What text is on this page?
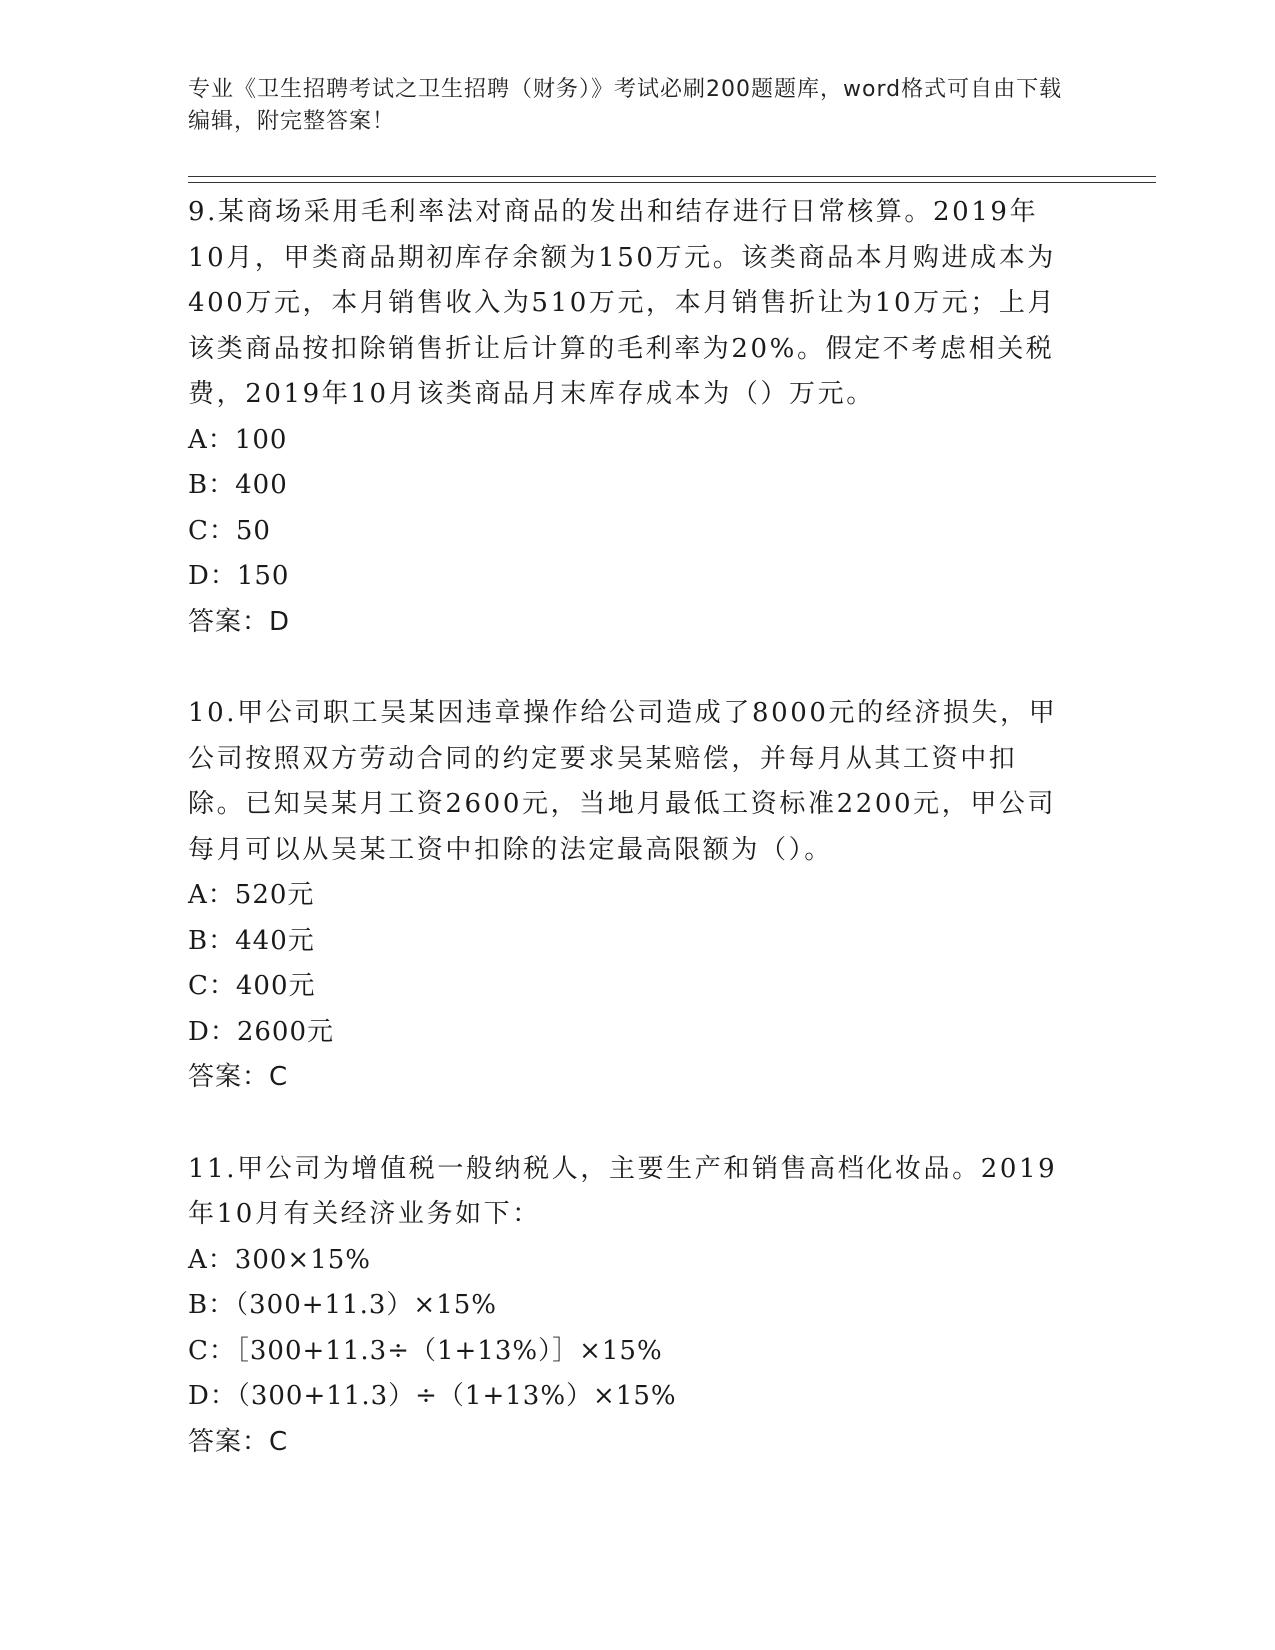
专业《卫生招聘考试之卫生招聘（财务）》考试必刷200题题库，word格式可自由下载编辑，附完整答案！
9.某商场采用毛利率法对商品的发出和结存进行日常核算。2019年10月，甲类商品期初库存余额为150万元。该类商品本月购进成本为400万元，本月销售收入为510万元，本月销售折让为10万元；上月该类商品按扣除销售折让后计算的毛利率为20%。假定不考虑相关税费，2019年10月该类商品月末库存成本为（）万元。
A：100
B：400
C：50
D：150
答案：D
10.甲公司职工吴某因违章操作给公司造成了8000元的经济损失，甲公司按照双方劳动合同的约定要求吴某赔偿，并每月从其工资中扣除。已知吴某月工资2600元，当地月最低工资标准2200元，甲公司每月可以从吴某工资中扣除的法定最高限额为（）。
A：520元
B：440元
C：400元
D：2600元
答案：C
11.甲公司为增值税一般纳税人，主要生产和销售高档化妆品。2019年10月有关经济业务如下：
A：300×15%
B：（300+11.3）×15%
C：［300+11.3÷（1+13%）］×15%
D：（300+11.3）÷（1+13%）×15%
答案：C
